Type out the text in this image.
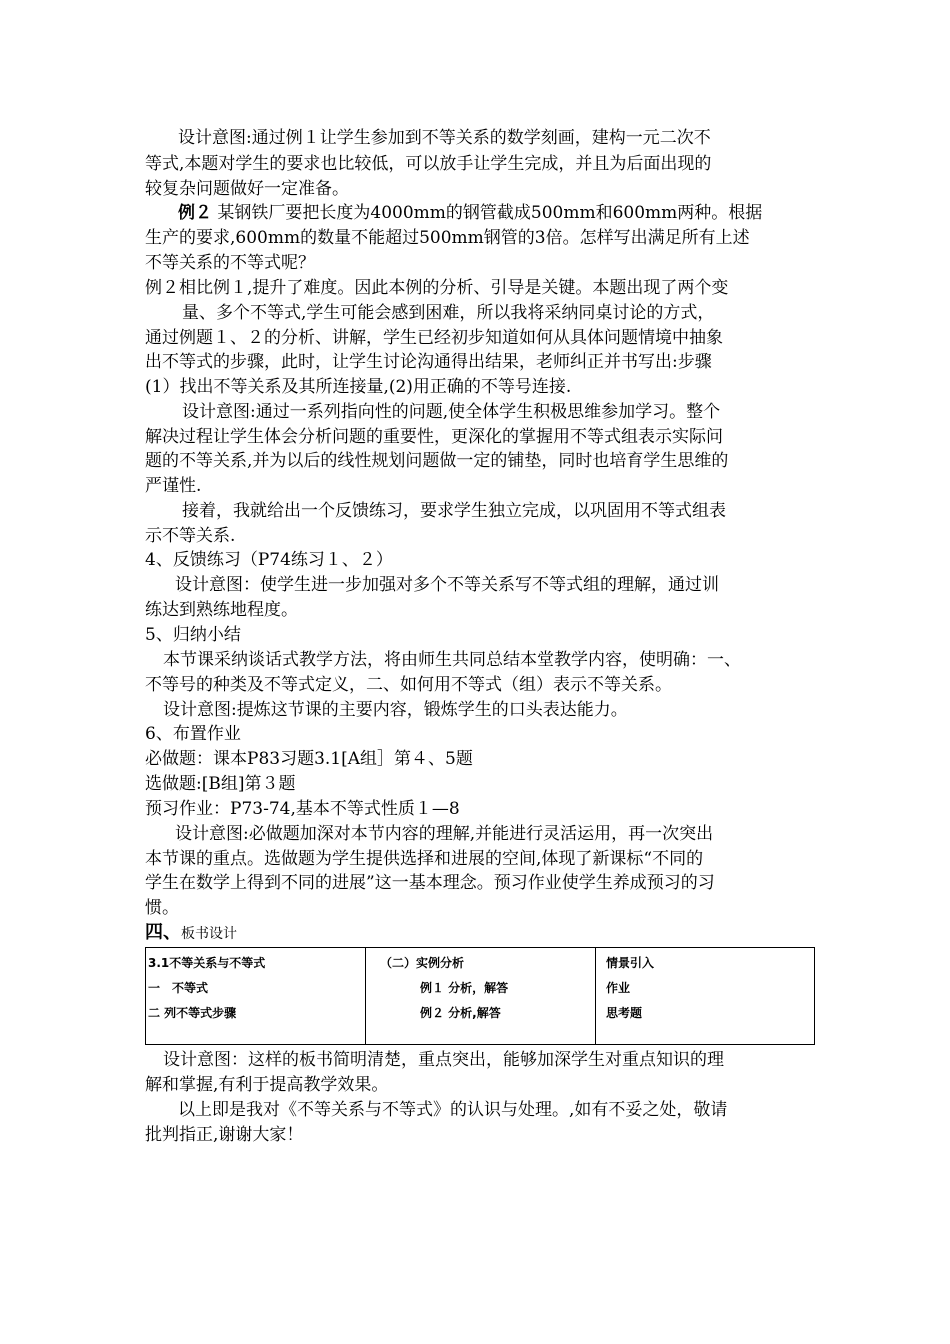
设计意图:通过例１让学生参加到不等关系的数学刻画，建构一元二次不
等式,本题对学生的要求也比较低，可以放手让学生完成，并且为后面出现的
较复杂问题做好一定准备。
例２ 某钢铁厂要把长度为4000mm的钢管截成500mm和600mm两种。根据
生产的要求,600mm的数量不能超过500mm钢管的3倍。怎样写出满足所有上述
不等关系的不等式呢？
例２相比例１,提升了难度。因此本例的分析、引导是关键。本题出现了两个变
量、多个不等式,学生可能会感到困难，所以我将采纳同桌讨论的方式，
通过例题１、２的分析、讲解，学生已经初步知道如何从具体问题情境中抽象
出不等式的步骤，此时，让学生讨论沟通得出结果，老师纠正并书写出:步骤
(1）找出不等关系及其所连接量,(2)用正确的不等号连接.
设计意图:通过一系列指向性的问题,使全体学生积极思维参加学习。整个
解决过程让学生体会分析问题的重要性，更深化的掌握用不等式组表示实际问
题的不等关系,并为以后的线性规划问题做一定的铺垫，同时也培育学生思维的
严谨性.
接着，我就给出一个反馈练习，要求学生独立完成，以巩固用不等式组表
示不等关系.
4、反馈练习（P74练习１、２）
设计意图：使学生进一步加强对多个不等关系写不等式组的理解，通过训
练达到熟练地程度。
5、归纳小结
本节课采纳谈话式教学方法，将由师生共同总结本堂教学内容，使明确：一、
不等号的种类及不等式定义，二、如何用不等式（组）表示不等关系。
设计意图:提炼这节课的主要内容，锻炼学生的口头表达能力。
6、布置作业
必做题：课本P83习题3.1[A组］第４、5题
选做题:[B组]第３题
预习作业：P73-74,基本不等式性质１—8
设计意图:必做题加深对本节内容的理解,并能进行灵活运用，再一次突出
本节课的重点。选做题为学生提供选择和进展的空间,体现了新课标“不同的
学生在数学上得到不同的进展”这一基本理念。预习作业使学生养成预习的习
惯。
四、板书设计
3.1不等关系与不等式
一　不等式
二 列不等式步骤

（二）实例分析
例１ 分析，解答
例２ 分析,解答

情景引入
作业
思考题
设计意图：这样的板书简明清楚，重点突出，能够加深学生对重点知识的理
解和掌握,有利于提高教学效果。
以上即是我对《不等关系与不等式》的认识与处理。,如有不妥之处，敬请
批判指正,谢谢大家！
